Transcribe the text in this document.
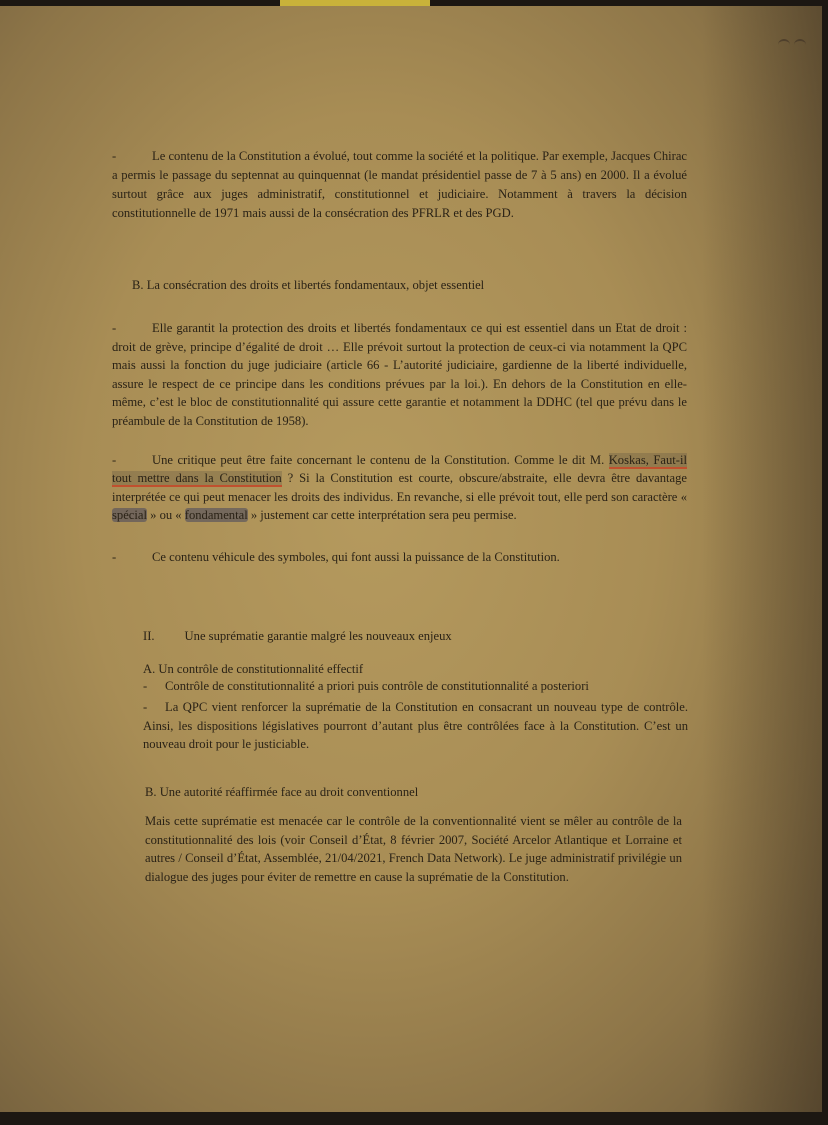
-	Le contenu de la Constitution a évolué, tout comme la société et la politique. Par exemple, Jacques Chirac a permis le passage du septennat au quinquennat (le mandat présidentiel passe de 7 à 5 ans) en 2000. Il a évolué surtout grâce aux juges administratif, constitutionnel et judiciaire. Notamment à travers la décision constitutionnelle de 1971 mais aussi de la consécration des PFRLR et des PGD.
B. La consécration des droits et libertés fondamentaux, objet essentiel
-	Elle garantit la protection des droits et libertés fondamentaux ce qui est essentiel dans un Etat de droit : droit de grève, principe d’égalité de droit … Elle prévoit surtout la protection de ceux-ci via notamment la QPC mais aussi la fonction du juge judiciaire (article 66 - L’autorité judiciaire, gardienne de la liberté individuelle, assure le respect de ce principe dans les conditions prévues par la loi.). En dehors de la Constitution en elle-même, c’est le bloc de constitutionnalité qui assure cette garantie et notamment la DDHC (tel que prévu dans le préambule de la Constitution de 1958).
-	Une critique peut être faite concernant le contenu de la Constitution. Comme le dit M. Koskas, Faut-il tout mettre dans la Constitution ? Si la Constitution est courte, obscure/abstraite, elle devra être davantage interprétée ce qui peut menacer les droits des individus. En revanche, si elle prévoit tout, elle perd son caractère « spécial » ou « fondamental » justement car cette interprétation sera peu permise.
-	Ce contenu véhicule des symboles, qui font aussi la puissance de la Constitution.
II. Une suprématie garantie malgré les nouveaux enjeux
A. Un contrôle de constitutionnalité effectif
- Contrôle de constitutionnalité a priori puis contrôle de constitutionnalité a posteriori
- La QPC vient renforcer la suprématie de la Constitution en consacrant un nouveau type de contrôle. Ainsi, les dispositions législatives pourront d’autant plus être contrôlées face à la Constitution. C’est un nouveau droit pour le justiciable.
B. Une autorité réaffirmée face au droit conventionnel
Mais cette suprématie est menacée car le contrôle de la conventionnalité vient se mêler au contrôle de la constitutionnalité des lois (voir Conseil d’État, 8 février 2007, Société Arcelor Atlantique et Lorraine et autres / Conseil d’État, Assemblée, 21/04/2021, French Data Network). Le juge administratif privilégie un dialogue des juges pour éviter de remettre en cause la suprématie de la Constitution.
